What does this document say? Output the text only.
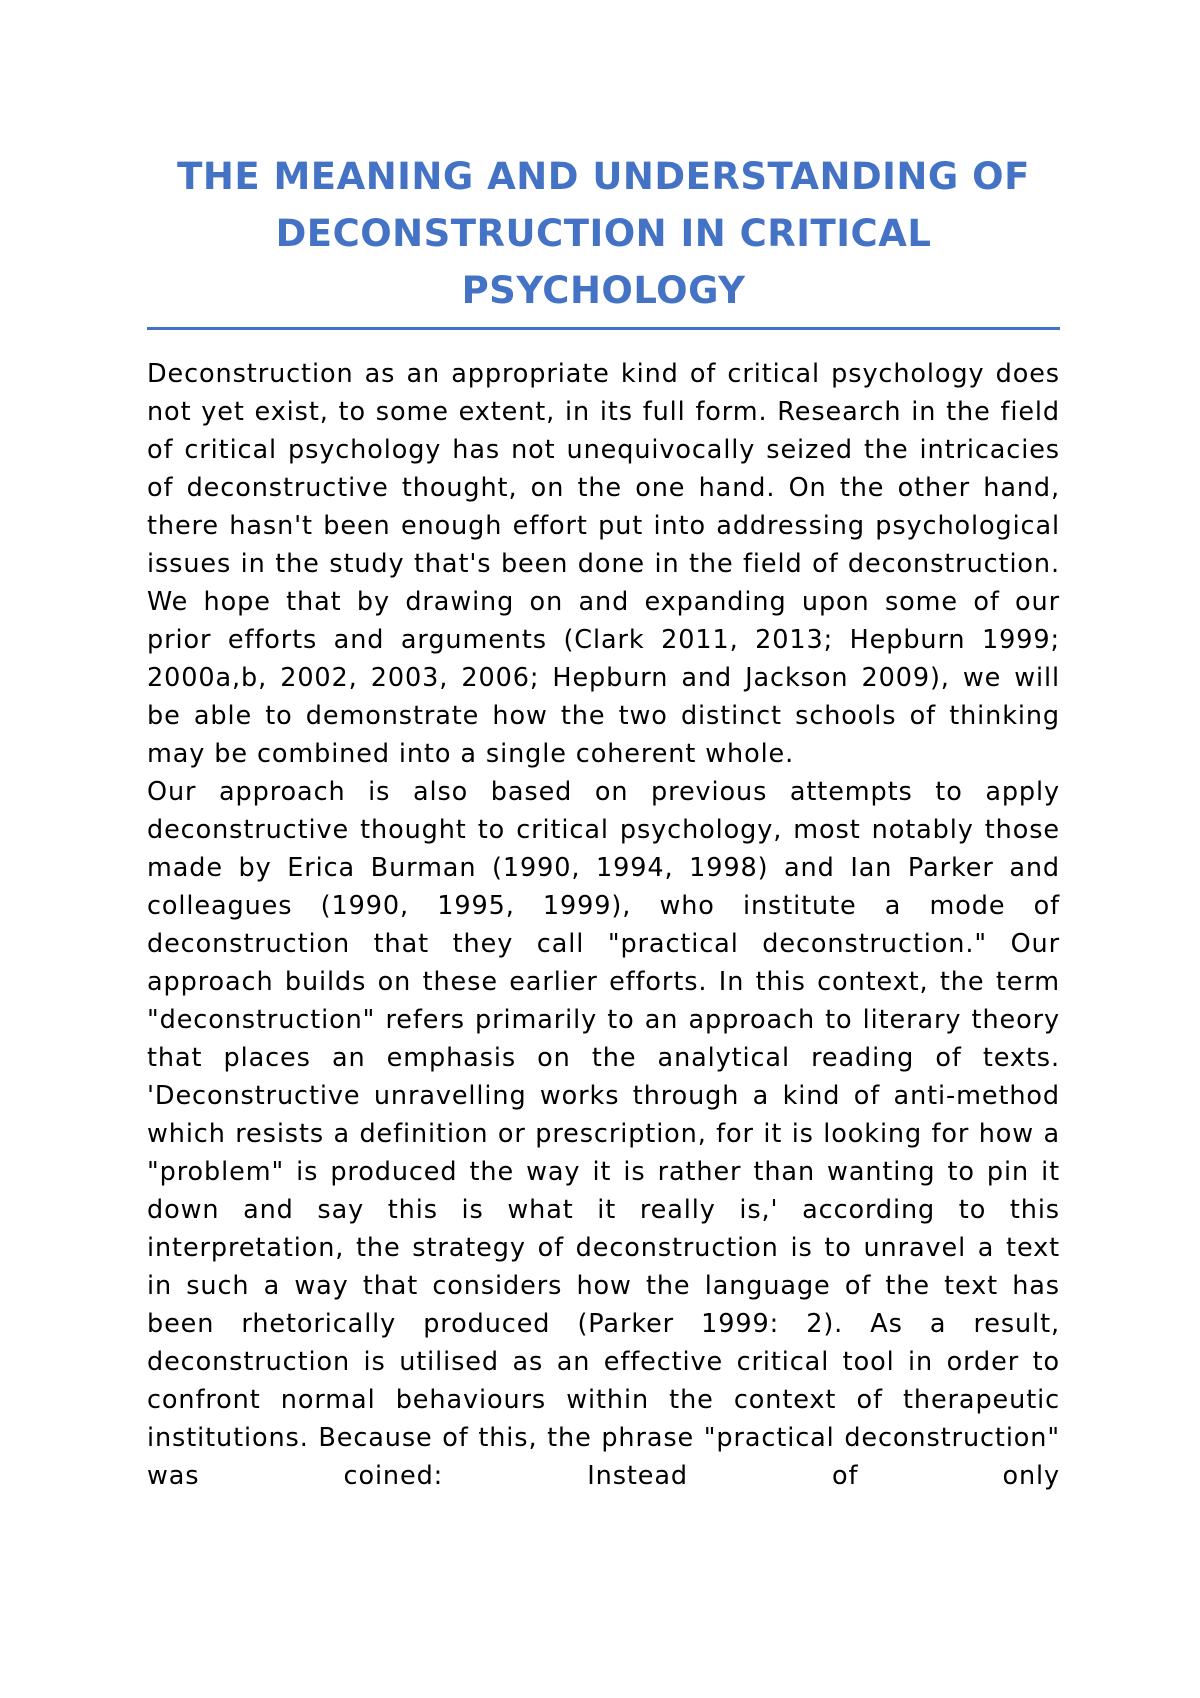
THE MEANING AND UNDERSTANDING OF DECONSTRUCTION IN CRITICAL PSYCHOLOGY

Deconstruction as an appropriate kind of critical psychology does not yet exist, to some extent, in its full form. Research in the field of critical psychology has not unequivocally seized the intricacies of deconstructive thought, on the one hand. On the other hand, there hasn't been enough effort put into addressing psychological issues in the study that's been done in the field of deconstruction. We hope that by drawing on and expanding upon some of our prior efforts and arguments (Clark 2011, 2013; Hepburn 1999; 2000a,b, 2002, 2003, 2006; Hepburn and Jackson 2009), we will be able to demonstrate how the two distinct schools of thinking may be combined into a single coherent whole.

Our approach is also based on previous attempts to apply deconstructive thought to critical psychology, most notably those made by Erica Burman (1990, 1994, 1998) and Ian Parker and colleagues (1990, 1995, 1999), who institute a mode of deconstruction that they call "practical deconstruction." Our approach builds on these earlier efforts. In this context, the term "deconstruction" refers primarily to an approach to literary theory that places an emphasis on the analytical reading of texts. 'Deconstructive unravelling works through a kind of anti-method which resists a definition or prescription, for it is looking for how a "problem" is produced the way it is rather than wanting to pin it down and say this is what it really is,' according to this interpretation, the strategy of deconstruction is to unravel a text in such a way that considers how the language of the text has been rhetorically produced (Parker 1999: 2). As a result, deconstruction is utilised as an effective critical tool in order to confront normal behaviours within the context of therapeutic institutions. Because of this, the phrase "practical deconstruction" was coined: Instead of only
